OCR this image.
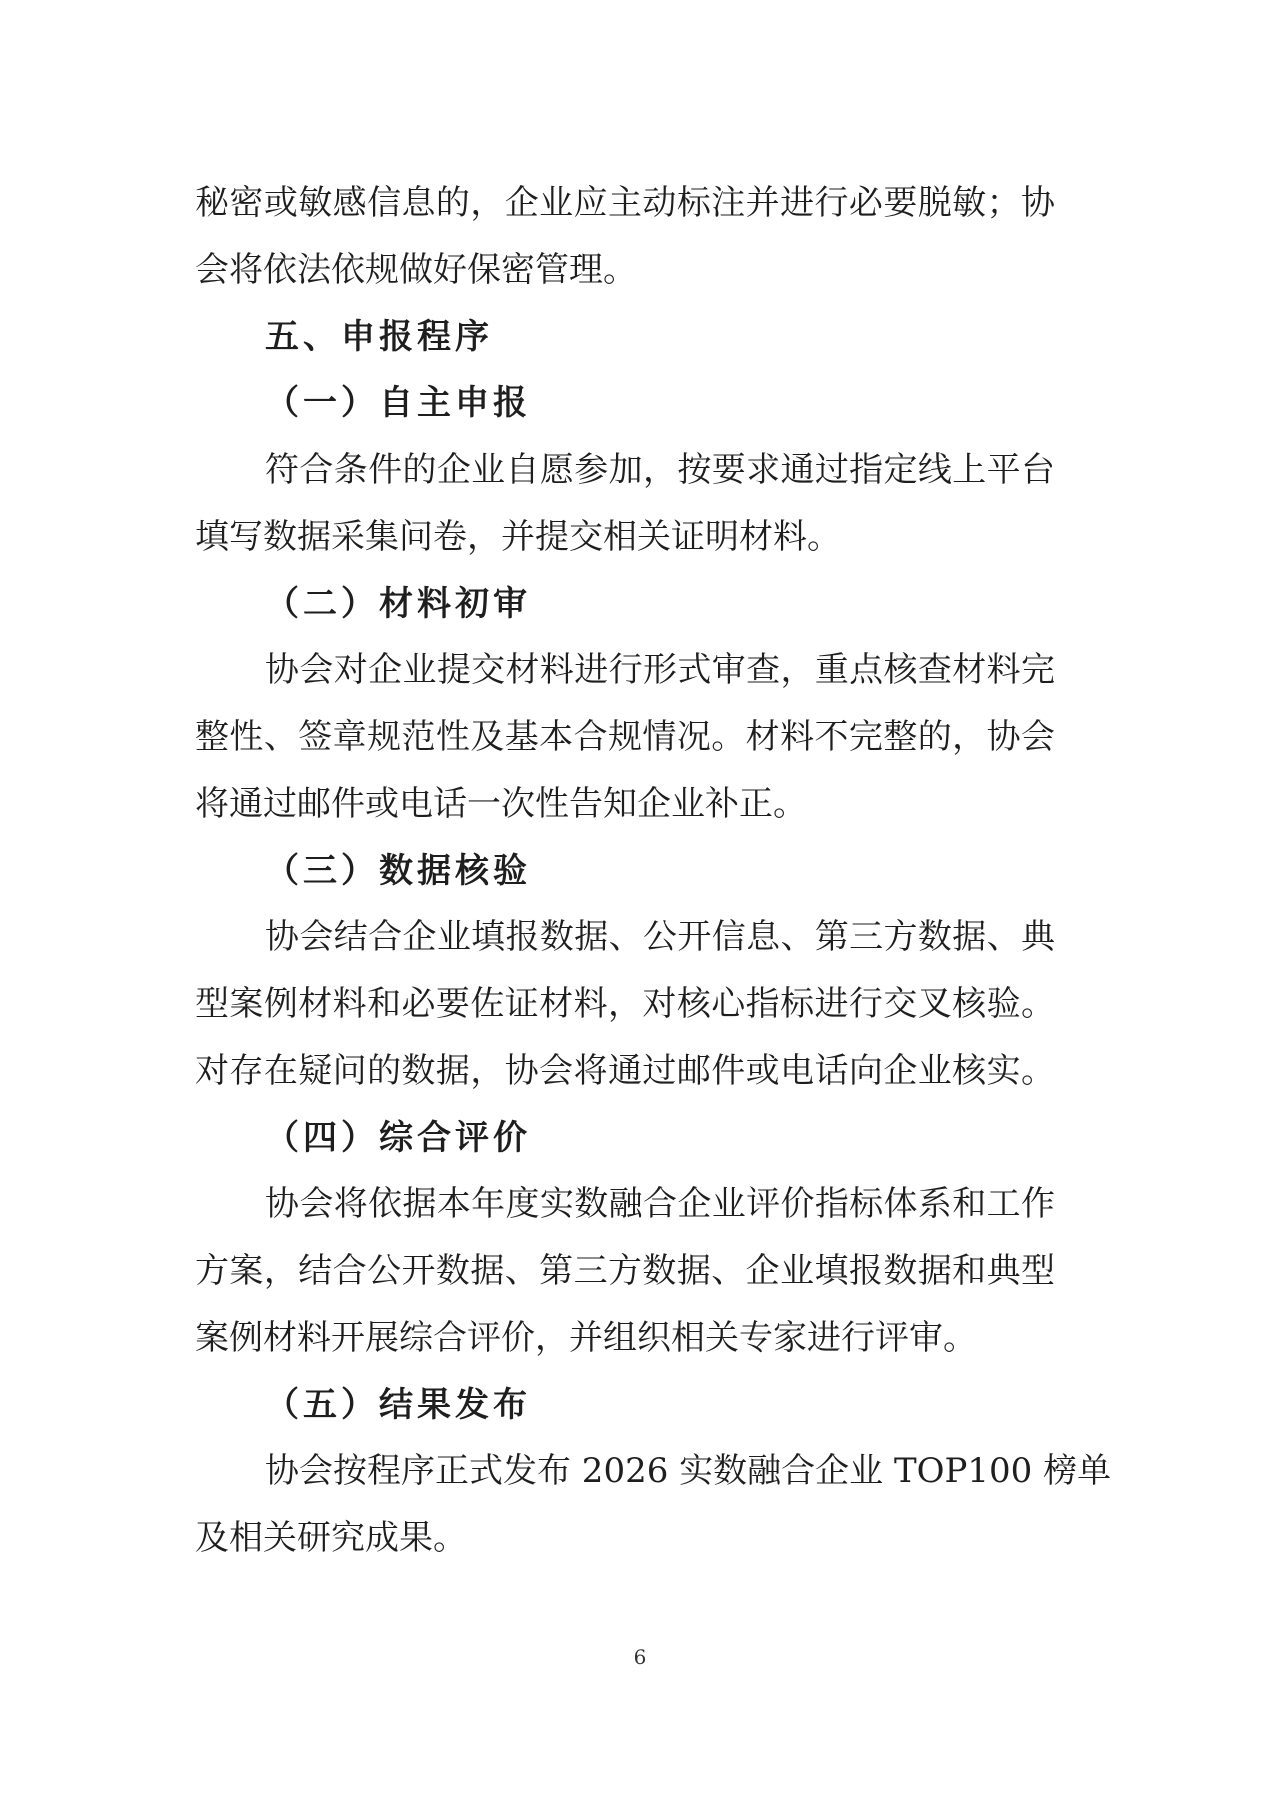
秘密或敏感信息的，企业应主动标注并进行必要脱敏；协
会将依法依规做好保密管理。
五、申报程序
（一）自主申报
符合条件的企业自愿参加，按要求通过指定线上平台
填写数据采集问卷，并提交相关证明材料。
（二）材料初审
协会对企业提交材料进行形式审查，重点核查材料完
整性、签章规范性及基本合规情况。材料不完整的，协会
将通过邮件或电话一次性告知企业补正。
（三）数据核验
协会结合企业填报数据、公开信息、第三方数据、典
型案例材料和必要佐证材料，对核心指标进行交叉核验。
对存在疑问的数据，协会将通过邮件或电话向企业核实。
（四）综合评价
协会将依据本年度实数融合企业评价指标体系和工作
方案，结合公开数据、第三方数据、企业填报数据和典型
案例材料开展综合评价，并组织相关专家进行评审。
（五）结果发布
协会按程序正式发布 2026 实数融合企业 TOP100 榜单
及相关研究成果。
6
